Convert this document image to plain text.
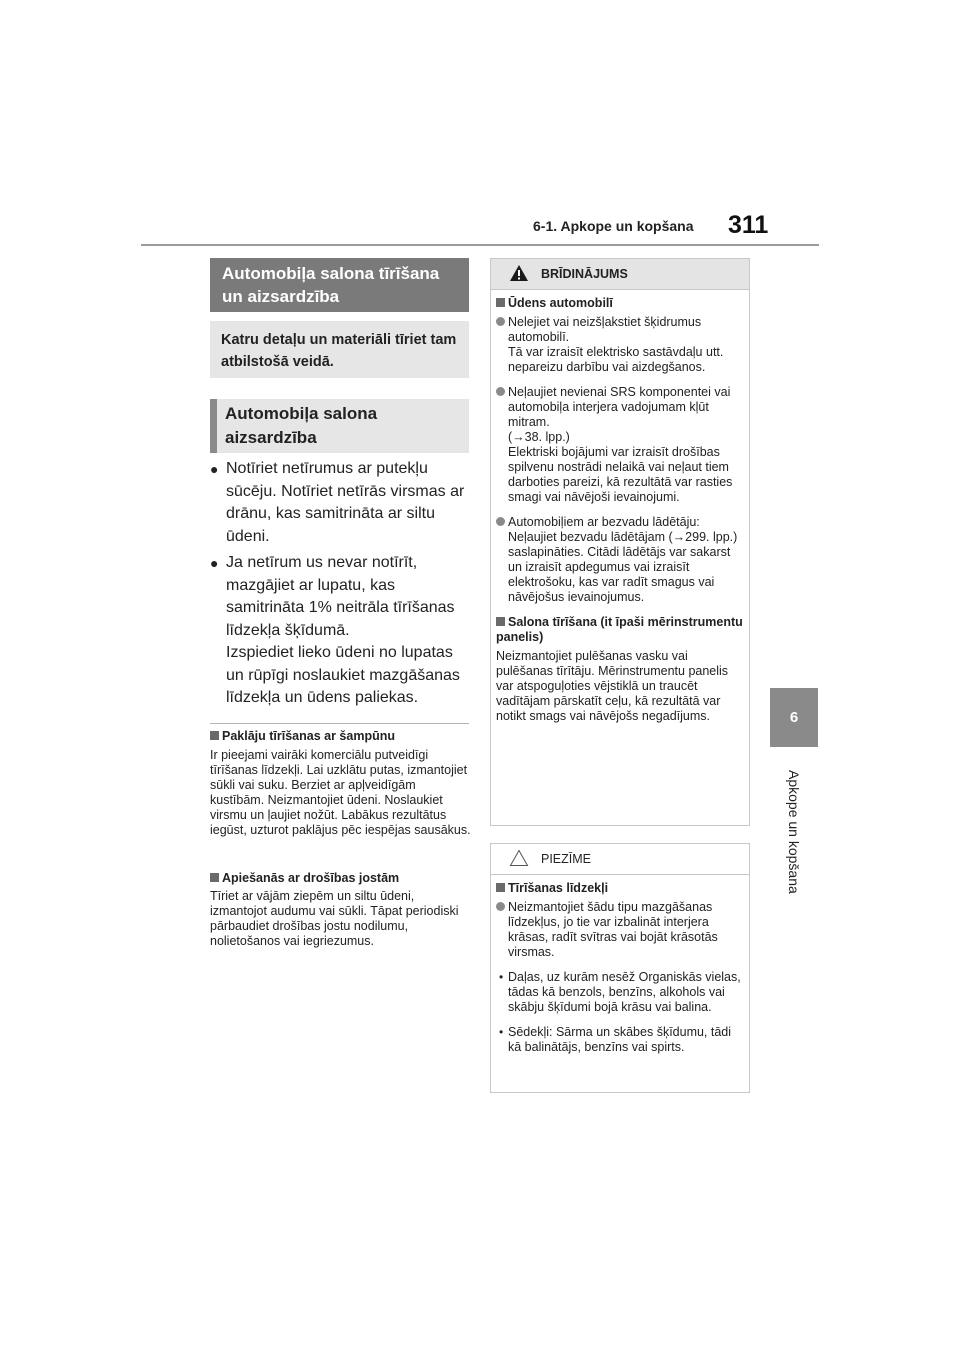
6-1. Apkope un kopšana 311
6
Apkope un kopšana
Automobiļa salona tīrīšana un aizsardzība
Katru detaļu un materiāli tīriet tam atbilstošā veidā.
Automobiļa salona aizsardzība
● Notīriet netīrumus ar putekļu sūcēju. Notīriet netīrās virsmas ar drānu, kas samitrināta ar siltu ūdeni.
● Ja netīrum us nevar notīrīt, mazgājiet ar lupatu, kas samitrināta 1% neitrāla tīrīšanas līdzekļa šķīdumā.
Izspiediet lieko ūdeni no lupatas un rūpīgi noslaukiet mazgāšanas līdzekļa un ūdens paliekas.
Paklāju tīrīšanas ar šampūnu
Ir pieejami vairāki komerciālu putveidīgi tīrīšanas līdzekļi. Lai uzklātu putas, izmantojiet sūkli vai suku. Berziet ar apļveidīgām kustībām. Neizmantojiet ūdeni. Noslaukiet virsmu un ļaujiet nožūt. Labākus rezultātus iegūst, uzturot paklājus pēc iespējas sausākus.
Apiešanās ar drošības jostām
Tīriet ar vājām ziepēm un siltu ūdeni, izmantojot audumu vai sūkli. Tāpat periodiski pārbaudiet drošības jostu nodilumu, nolietošanos vai iegriezumus.
BRĪDINĀJUMS
Ūdens automobilī
Nelejiet vai neizšļakstiet šķidrumus automobilī.
Tā var izraisīt elektrisko sastāvdaļu utt. nepareizu darbību vai aizdegšanos.
Neļaujiet nevienai SRS komponentei vai automobiļa interjera vadojumam kļūt mitram.
(→38. lpp.)
Elektriski bojājumi var izraisīt drošības spilvenu nostrādi nelaikā vai neļaut tiem darboties pareizi, kā rezultātā var rasties smagi vai nāvējoši ievainojumi.
Automobiļiem ar bezvadu lādētāju: Neļaujiet bezvadu lādētājam (→299. lpp.) saslapināties. Citādi lādētājs var sakarst un izraisīt apdegumus vai izraisīt elektrošoku, kas var radīt smagus vai nāvējošus ievainojumus.
Salona tīrīšana (it īpaši mērinstrumentu panelis)
Neizmantojiet pulēšanas vasku vai pulēšanas tīrītāju. Mērinstrumentu panelis var atspoguļoties vējstiklā un traucēt vadītājam pārskatīt ceļu, kā rezultātā var notikt smags vai nāvējošs negadījums.
PIEZĪME
Tīrīšanas līdzekļi
Neizmantojiet šādu tipu mazgāšanas līdzekļus, jo tie var izbalināt interjera krāsas, radīt svītras vai bojāt krāsotās virsmas.
• Daļas, uz kurām nesēž Organiskās vielas, tādas kā benzols, benzīns, alkohols vai skābju šķīdumi bojā krāsu vai balina.
• Sēdekļi: Sārma un skābes šķīdumu, tādi kā balinātājs, benzīns vai spirts.
